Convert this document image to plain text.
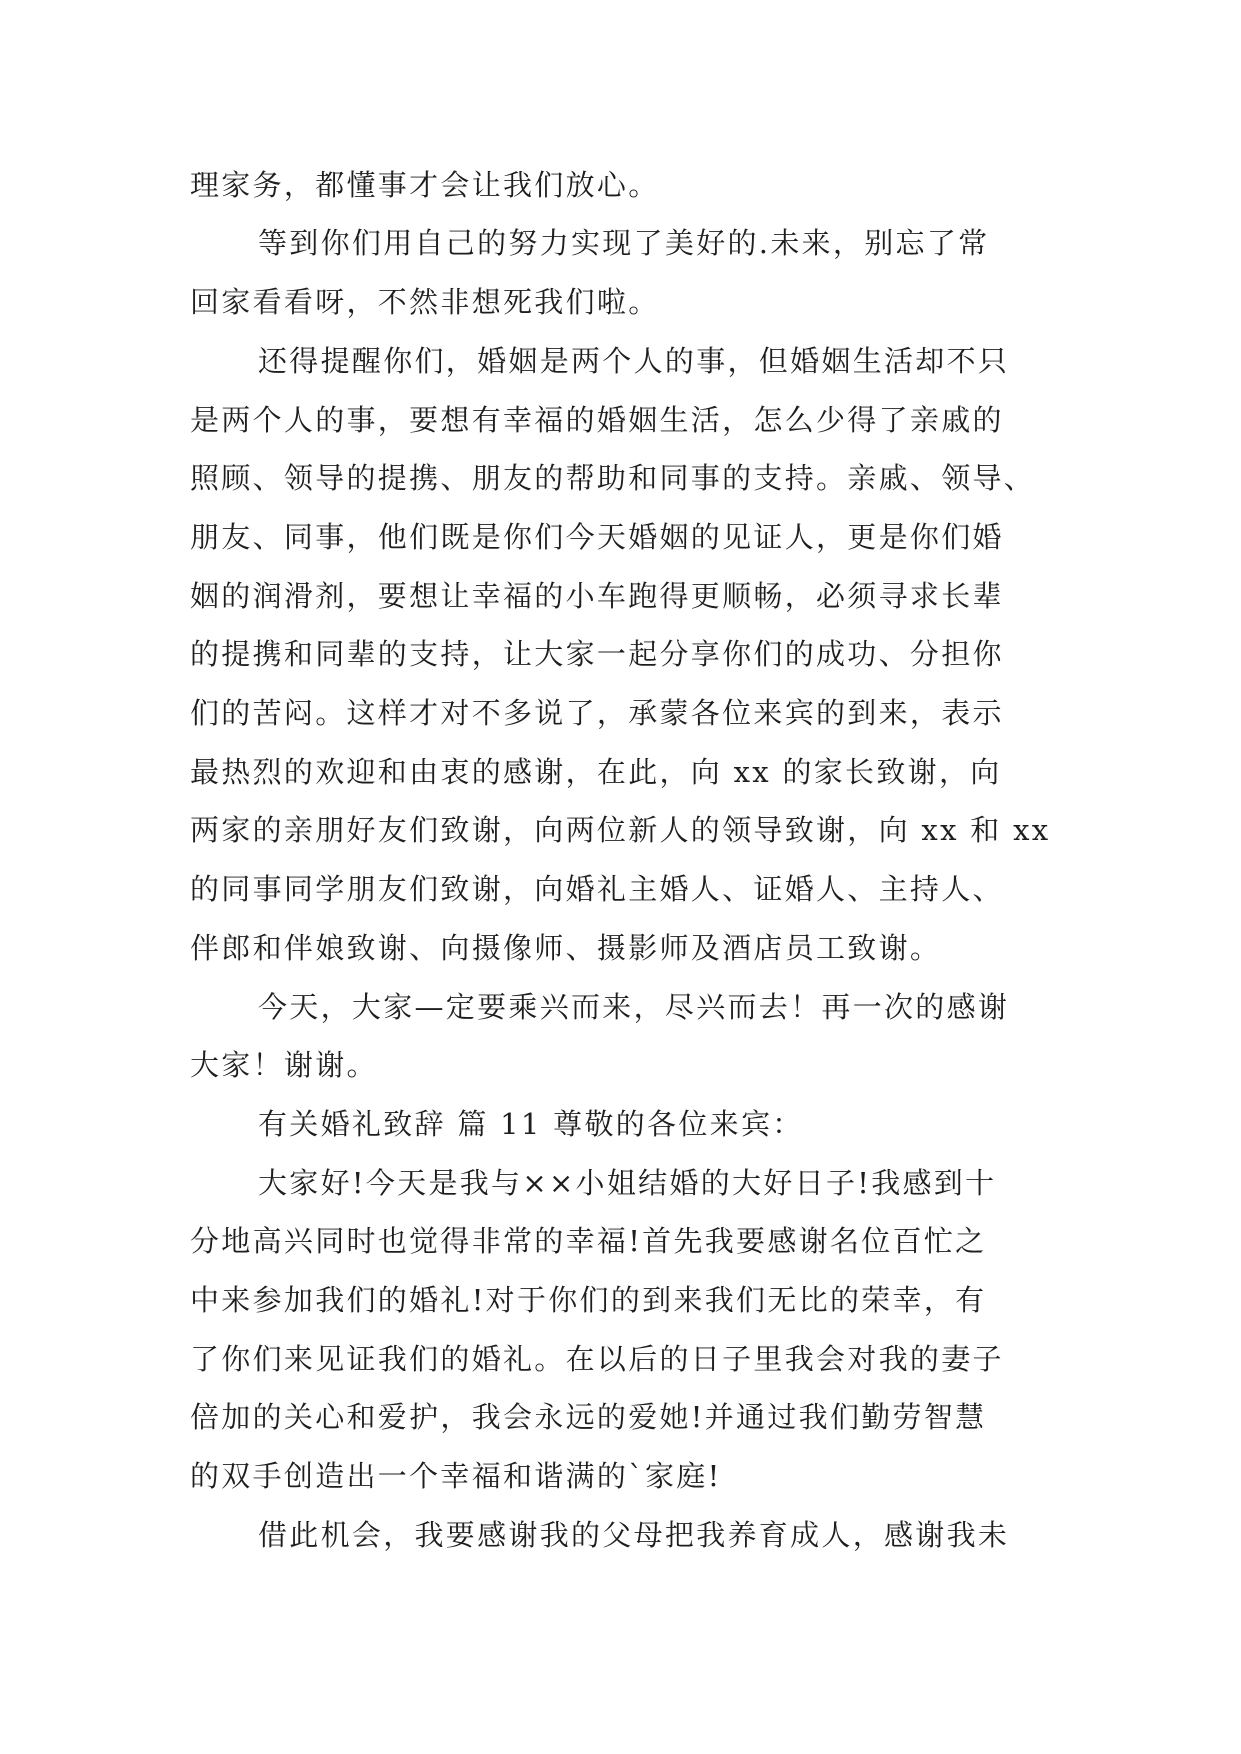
理家务，都懂事才会让我们放心。

等到你们用自己的努力实现了美好的.未来，别忘了常

回家看看呀，不然非想死我们啦。

还得提醒你们，婚姻是两个人的事，但婚姻生活却不只

是两个人的事，要想有幸福的婚姻生活，怎么少得了亲戚的

照顾、领导的提携、朋友的帮助和同事的支持。亲戚、领导、

朋友、同事，他们既是你们今天婚姻的见证人，更是你们婚

姻的润滑剂，要想让幸福的小车跑得更顺畅，必须寻求长辈

的提携和同辈的支持，让大家一起分享你们的成功、分担你

们的苦闷。这样才对不多说了，承蒙各位来宾的到来，表示

最热烈的欢迎和由衷的感谢，在此，向 xx 的家长致谢，向

两家的亲朋好友们致谢，向两位新人的领导致谢，向 xx 和 xx

的同事同学朋友们致谢，向婚礼主婚人、证婚人、主持人、

伴郎和伴娘致谢、向摄像师、摄影师及酒店员工致谢。

今天，大家—定要乘兴而来，尽兴而去！再一次的感谢

大家！谢谢。

有关婚礼致辞 篇 11 尊敬的各位来宾：

大家好!今天是我与××小姐结婚的大好日子!我感到十

分地高兴同时也觉得非常的幸福!首先我要感谢名位百忙之

中来参加我们的婚礼!对于你们的到来我们无比的荣幸，有

了你们来见证我们的婚礼。在以后的日子里我会对我的妻子

倍加的关心和爱护，我会永远的爱她!并通过我们勤劳智慧

的双手创造出一个幸福和谐满的`家庭!

借此机会，我要感谢我的父母把我养育成人，感谢我未
